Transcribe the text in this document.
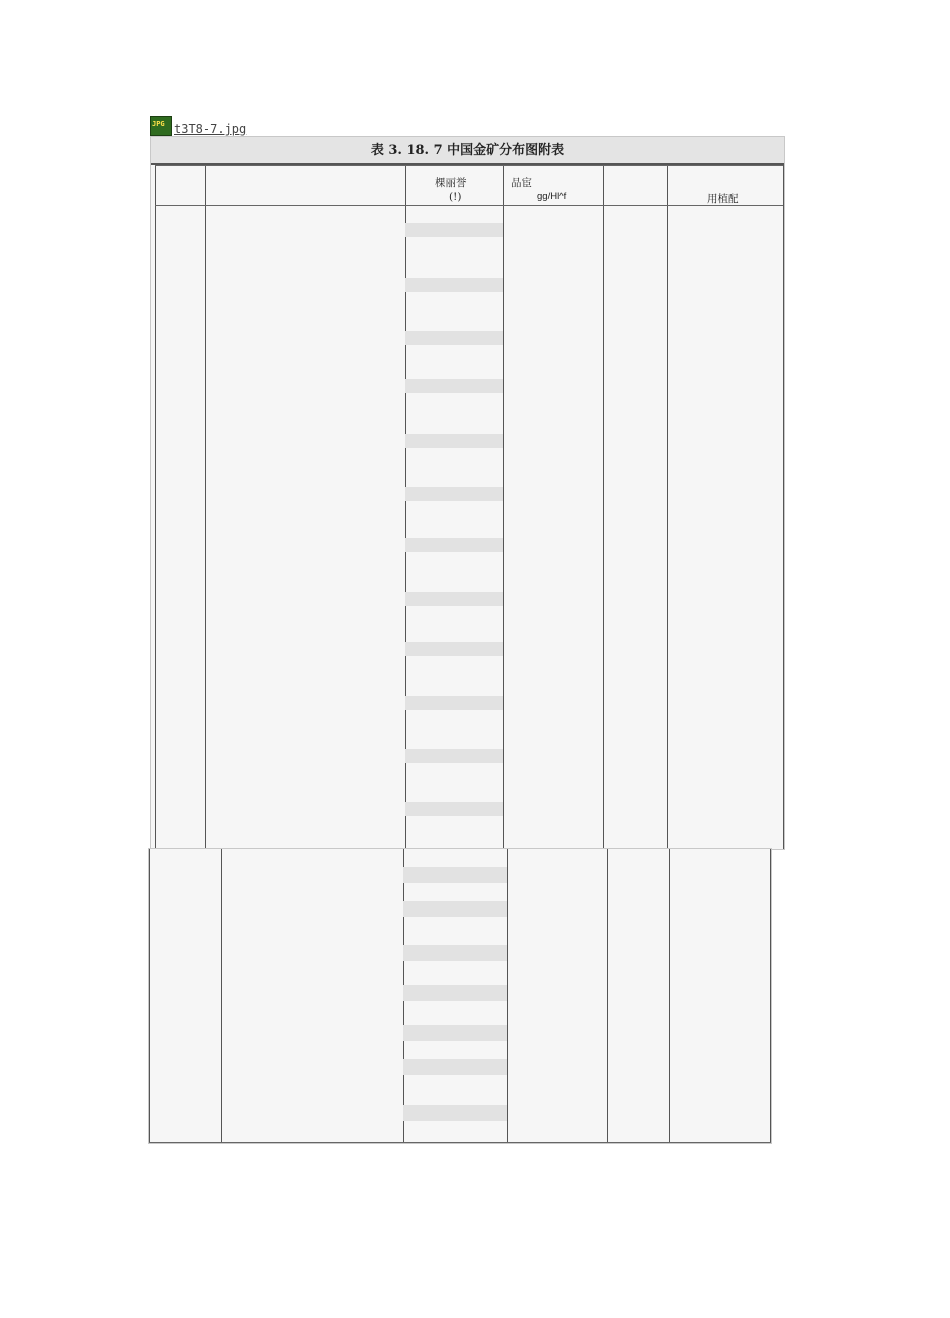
JPG t3T8-7.jpg
表 3. 18. 7 中国金矿分布图附表
棵丽誉
(!)
品宦
gg/Hl^f	用植配
